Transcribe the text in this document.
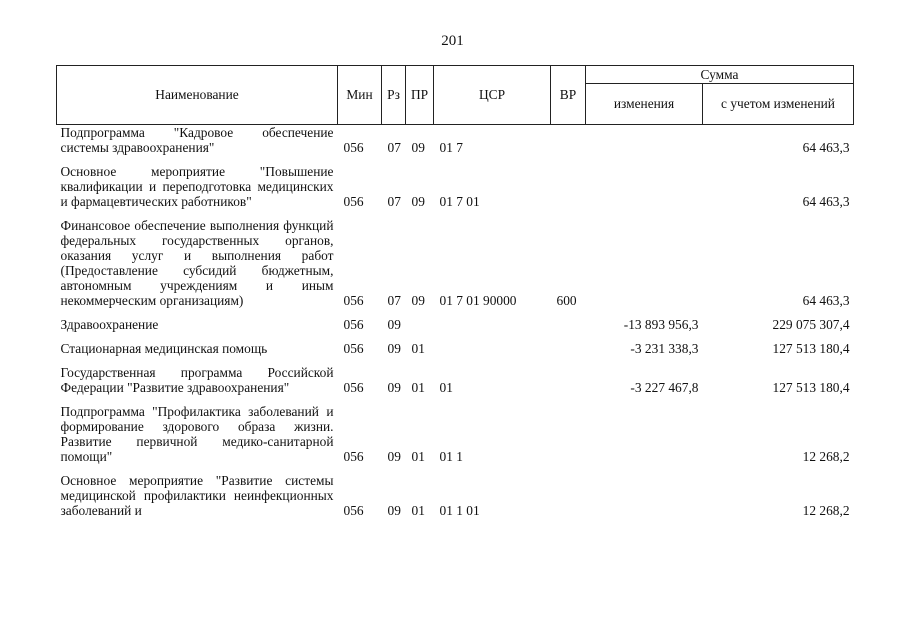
201
Наименование	Мин	Рз	ПР	ЦСР	ВР	Сумма	
						изменения	с учетом изменений
Подпрограмма "Кадровое обеспечение системы здравоохранения"	056	07	09	01 7			64 463,3

Основное мероприятие "Повышение квалификации и переподготовка медицинских и фармацевтических работников"	056	07	09	01 7 01			64 463,3

Финансовое обеспечение выполнения функций федеральных государственных органов, оказания услуг и выполнения работ (Предоставление субсидий бюджетным, автономным учреждениям и иным некоммерческим организациям)	056	07	09	01 7 01 90000	600		64 463,3

Здравоохранение	056	09				-13 893 956,3	229 075 307,4

Стационарная медицинская помощь	056	09	01			-3 231 338,3	127 513 180,4

Государственная программа Российской Федерации "Развитие здравоохранения"	056	09	01	01		-3 227 467,8	127 513 180,4

Подпрограмма "Профилактика заболеваний и формирование здорового образа жизни. Развитие первичной медико-санитарной помощи"	056	09	01	01 1			12 268,2

Основное мероприятие "Развитие системы медицинской профилактики неинфекционных заболеваний и	056	09	01	01 1 01			12 268,2
